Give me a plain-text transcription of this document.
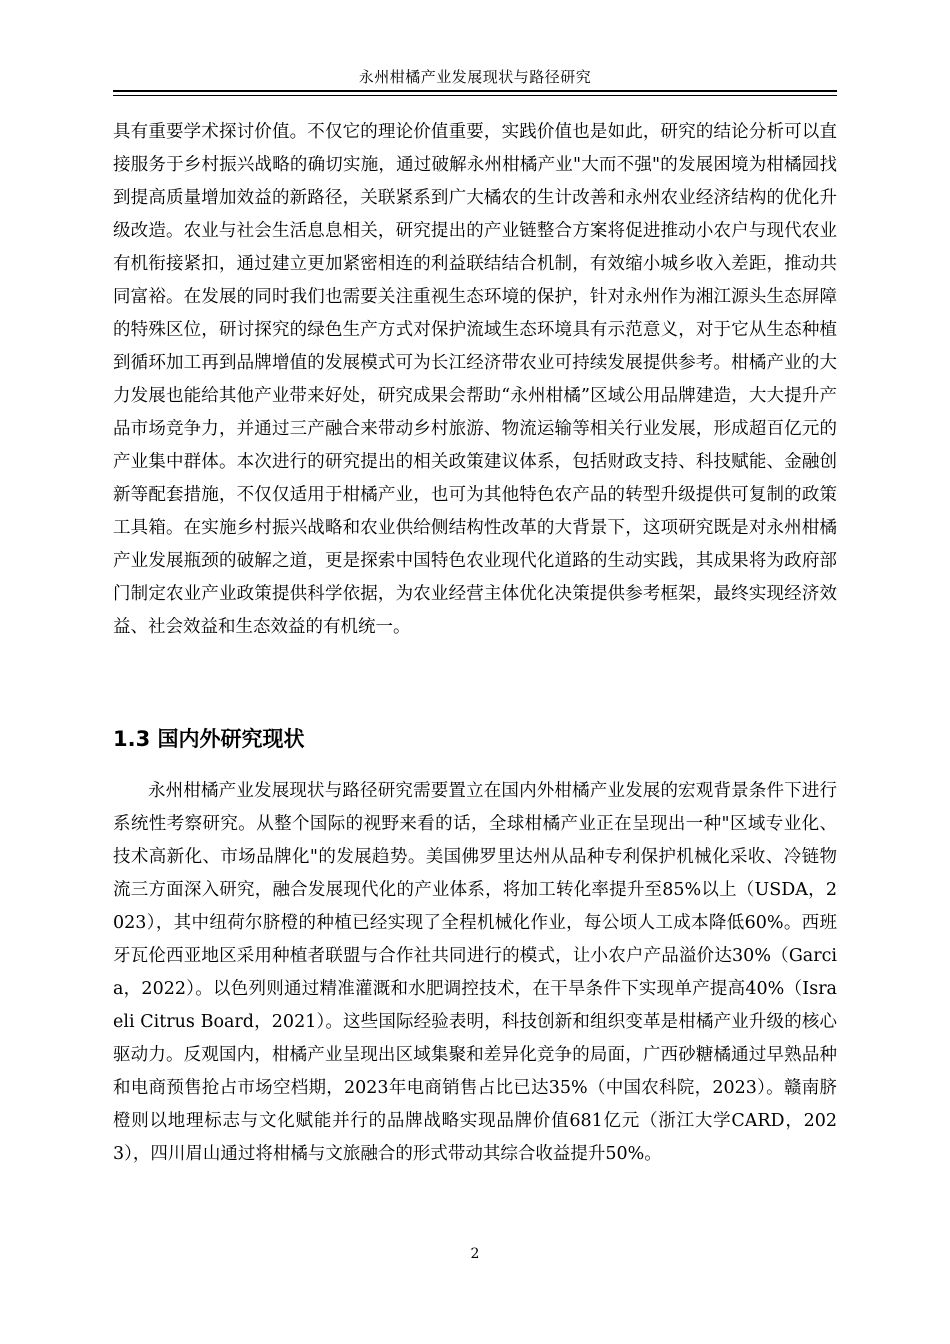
永州柑橘产业发展现状与路径研究

具有重要学术探讨价值。不仅它的理论价值重要，实践价值也是如此，研究的结论分析可以直接服务于乡村振兴战略的确切实施，通过破解永州柑橘产业"大而不强"的发展困境为柑橘园找到提高质量增加效益的新路径，关联紧系到广大橘农的生计改善和永州农业经济结构的优化升级改造。农业与社会生活息息相关，研究提出的产业链整合方案将促进推动小农户与现代农业有机衔接紧扣，通过建立更加紧密相连的利益联结结合机制，有效缩小城乡收入差距，推动共同富裕。在发展的同时我们也需要关注重视生态环境的保护，针对永州作为湘江源头生态屏障的特殊区位，研讨探究的绿色生产方式对保护流域生态环境具有示范意义，对于它从生态种植到循环加工再到品牌增值的发展模式可为长江经济带农业可持续发展提供参考。柑橘产业的大力发展也能给其他产业带来好处，研究成果会帮助“永州柑橘”区域公用品牌建造，大大提升产品市场竞争力，并通过三产融合来带动乡村旅游、物流运输等相关行业发展，形成超百亿元的产业集中群体。本次进行的研究提出的相关政策建议体系，包括财政支持、科技赋能、金融创新等配套措施，不仅仅适用于柑橘产业，也可为其他特色农产品的转型升级提供可复制的政策工具箱。在实施乡村振兴战略和农业供给侧结构性改革的大背景下，这项研究既是对永州柑橘产业发展瓶颈的破解之道，更是探索中国特色农业现代化道路的生动实践，其成果将为政府部门制定农业产业政策提供科学依据，为农业经营主体优化决策提供参考框架，最终实现经济效益、社会效益和生态效益的有机统一。

1.3 国内外研究现状

永州柑橘产业发展现状与路径研究需要置立在国内外柑橘产业发展的宏观背景条件下进行系统性考察研究。从整个国际的视野来看的话，全球柑橘产业正在呈现出一种"区域专业化、技术高新化、市场品牌化"的发展趋势。美国佛罗里达州从品种专利保护机械化采收、冷链物流三方面深入研究，融合发展现代化的产业体系，将加工转化率提升至85%以上（USDA，2023），其中纽荷尔脐橙的种植已经实现了全程机械化作业，每公顷人工成本降低60%。西班牙瓦伦西亚地区采用种植者联盟与合作社共同进行的模式，让小农户产品溢价达30%（Garcia，2022）。以色列则通过精准灌溉和水肥调控技术，在干旱条件下实现单产提高40%（Israeli Citrus Board，2021）。这些国际经验表明，科技创新和组织变革是柑橘产业升级的核心驱动力。反观国内，柑橘产业呈现出区域集聚和差异化竞争的局面，广西砂糖橘通过早熟品种和电商预售抢占市场空档期，2023年电商销售占比已达35%（中国农科院，2023）。赣南脐橙则以地理标志与文化赋能并行的品牌战略实现品牌价值681亿元（浙江大学CARD，2023），四川眉山通过将柑橘与文旅融合的形式带动其综合收益提升50%。

2
